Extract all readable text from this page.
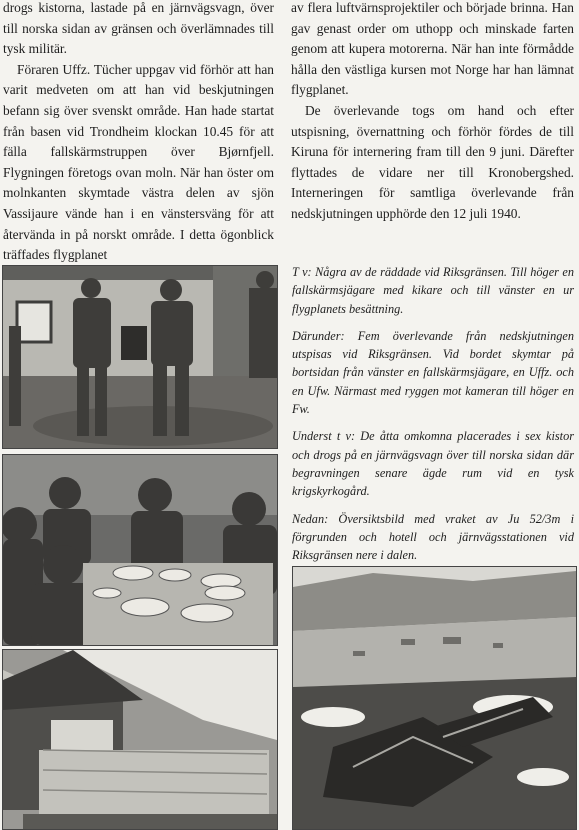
drogs kistorna, lastade på en järnvägsvagn, över till norska sidan av gränsen och överlämnades till tysk militär.

Föraren Uffz. Tücher uppgav vid förhör att han varit medveten om att han vid beskjutningen befann sig över svenskt område. Han hade startat från basen vid Trondheim klockan 10.45 för att fälla fallskärmstruppen över Bjørnfjell. Flygningen företogs ovan moln. När han öster om molnkanten skymtade västra delen av sjön Vassijaure vände han i en vänstersväng för att återvända in på norskt område. I detta ögonblick träffades flygplanet

av flera luftvärnsprojektiler och började brinna. Han gav genast order om uthopp och minskade farten genom att kupera motorerna. När han inte förmådde hålla den västliga kursen mot Norge har han lämnat flygplanet.

De överlevande togs om hand och efter utspisning, övernattning och förhör fördes de till Kiruna för internering fram till den 9 juni. Därefter flyttades de vidare ner till Kronobergshed. Interneringen för samtliga överlevande från nedskjutningen upphörde den 12 juli 1940.

T v: Några av de räddade vid Riksgränsen. Till höger en fallskärmsjägare med kikare och till vänster en ur flygplanets besättning.

Därunder: Fem överlevande från nedskjutningen utspisas vid Riksgränsen. Vid bordet skymtar på bortsidan från vänster en fallskärmsjägare, en Uffz. och en Ufw. Närmast med ryggen mot kameran till höger en Fw.

Underst t v: De åtta omkomna placerades i sex kistor och drogs på en järnvägsvagn över till norska sidan där begravningen senare ägde rum vid en tysk krigskyrkogård.

Nedan: Översiktsbild med vraket av Ju 52/3m i förgrunden och hotell och järnvägsstationen vid Riksgränsen nere i dalen.
